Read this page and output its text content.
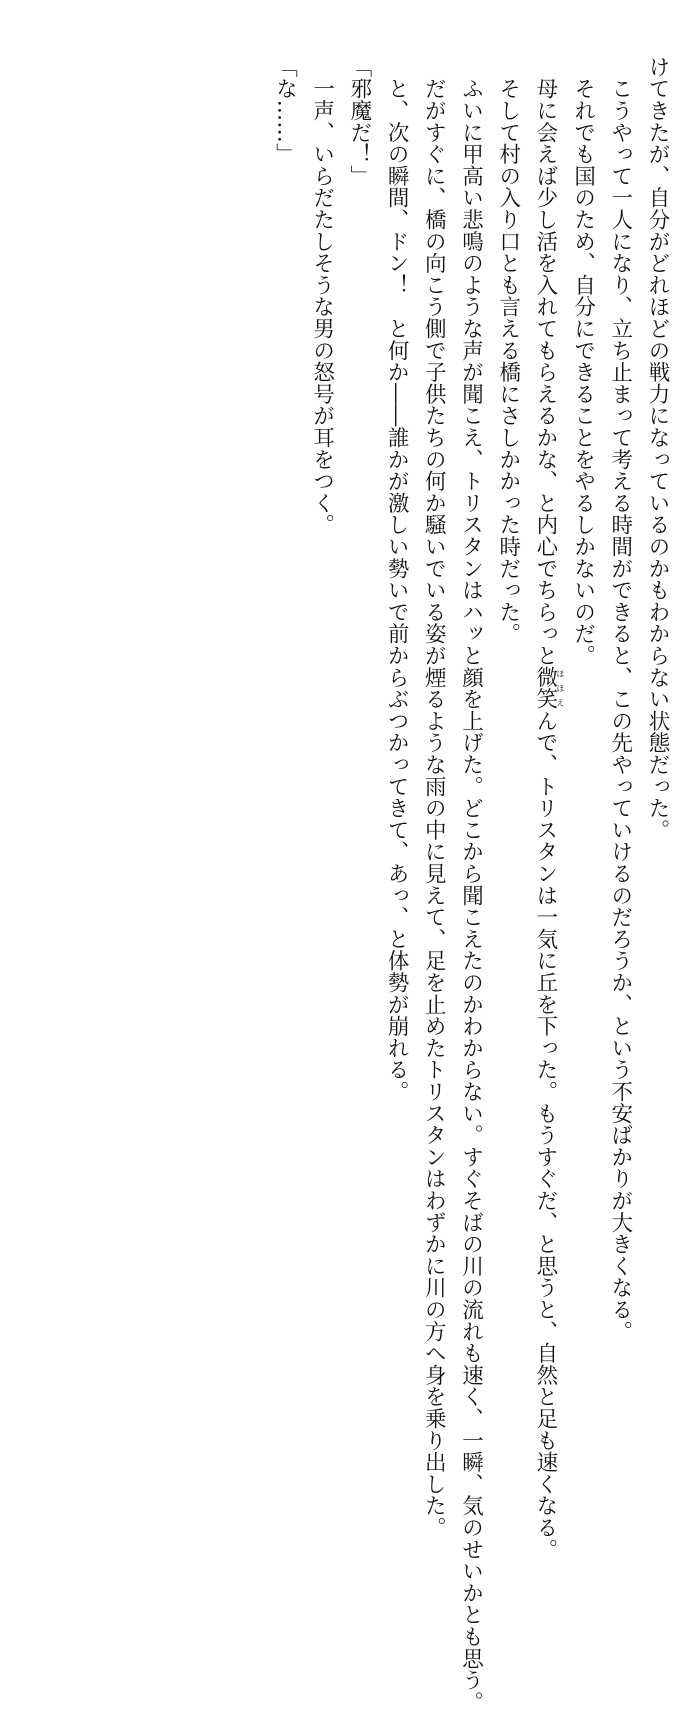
けてきたが、自分がどれほどの戦力になっているのかもわからない状態だった。

　こうやって一人になり、立ち止まって考える時間ができると、この先やっていけるのだろうか、という不安ばかりが大きくなる。

　それでも国のため、自分にできることをやるしかないのだ。

　母に会えば少し活を入れてもらえるかな、と内心でちらっと微笑ほほえんで、トリスタンは一気に丘を下った。もうすぐだ、と思うと、自然と足も速くなる。

　そして村の入り口とも言える橋にさしかかった時だった。

　ふいに甲高い悲鳴のような声が聞こえ、トリスタンはハッと顔を上げた。どこから聞こえたのかわからない。すぐそばの川の流れも速く、一瞬、気のせいかとも思う。

　だがすぐに、橋の向こう側で子供たちの何か騒いでいる姿が煙るような雨の中に見えて、足を止めたトリスタンはわずかに川の方へ身を乗り出した。

　と、次の瞬間、ドン！　と何か――誰かが激しい勢いで前からぶつかってきて、あっ、と体勢が崩れる。

「邪魔だ！」

　一声、いらだたしそうな男の怒号が耳をつく。

「な……」
